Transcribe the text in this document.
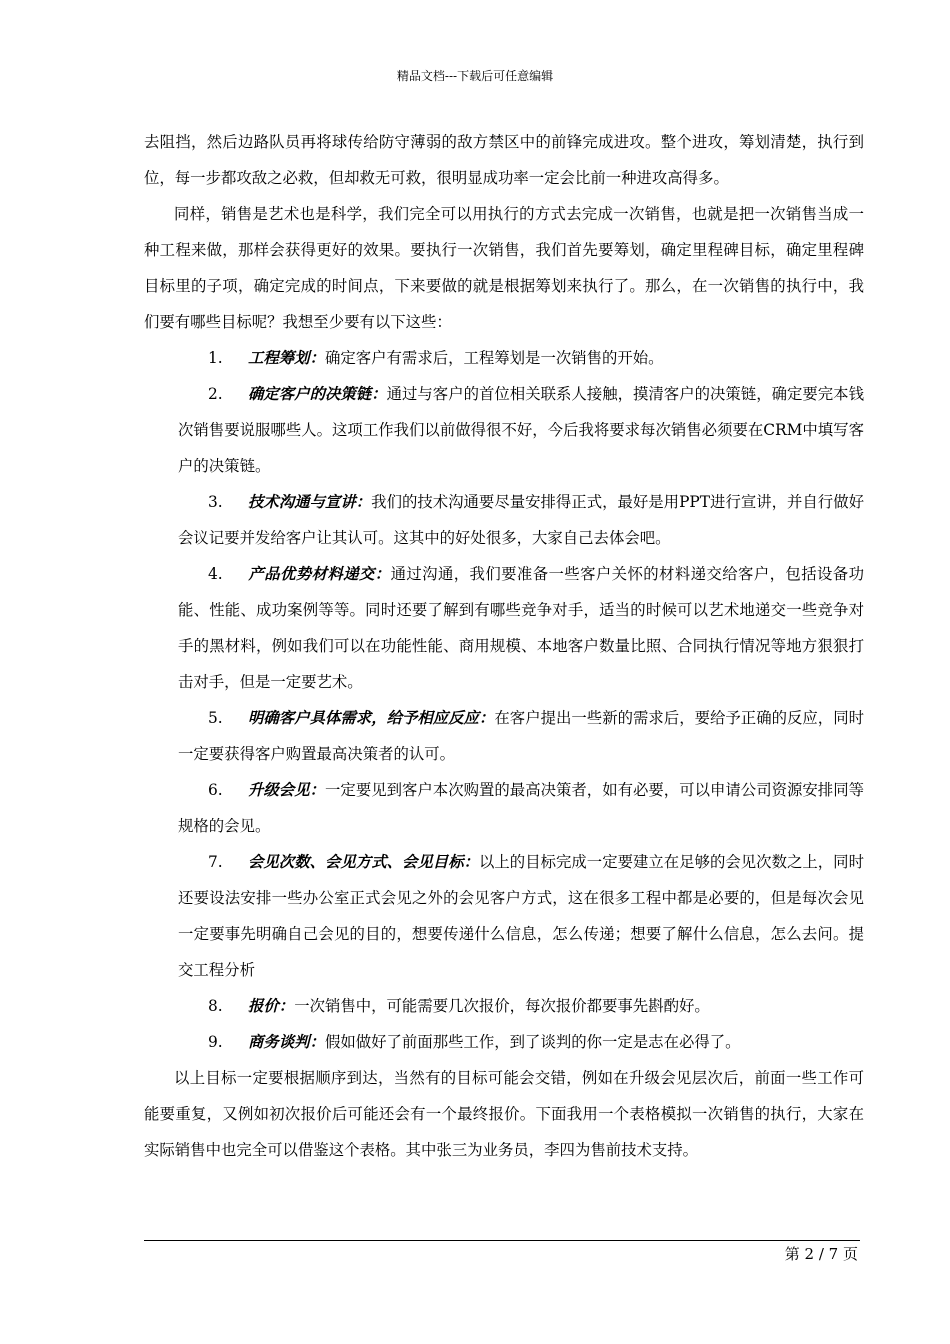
精品文档---下载后可任意编辑

去阻挡，然后边路队员再将球传给防守薄弱的敌方禁区中的前锋完成进攻。整个进攻，筹划清楚，执行到位，每一步都攻敌之必救，但却救无可救，很明显成功率一定会比前一种进攻高得多。

同样，销售是艺术也是科学，我们完全可以用执行的方式去完成一次销售，也就是把一次销售当成一种工程来做，那样会获得更好的效果。要执行一次销售，我们首先要筹划，确定里程碑目标，确定里程碑目标里的子项，确定完成的时间点，下来要做的就是根据筹划来执行了。那么，在一次销售的执行中，我们要有哪些目标呢？我想至少要有以下这些：

1. 工程筹划：确定客户有需求后，工程筹划是一次销售的开始。

2. 确定客户的决策链：通过与客户的首位相关联系人接触，摸清客户的决策链，确定要完本钱次销售要说服哪些人。这项工作我们以前做得很不好，今后我将要求每次销售必须要在CRM中填写客户的决策链。

3. 技术沟通与宣讲：我们的技术沟通要尽量安排得正式，最好是用PPT进行宣讲，并自行做好会议记要并发给客户让其认可。这其中的好处很多，大家自己去体会吧。

4. 产品优势材料递交：通过沟通，我们要准备一些客户关怀的材料递交给客户，包括设备功能、性能、成功案例等等。同时还要了解到有哪些竞争对手，适当的时候可以艺术地递交一些竞争对手的黑材料，例如我们可以在功能性能、商用规模、本地客户数量比照、合同执行情况等地方狠狠打击对手，但是一定要艺术。

5. 明确客户具体需求，给予相应反应：在客户提出一些新的需求后，要给予正确的反应，同时一定要获得客户购置最高决策者的认可。

6. 升级会见：一定要见到客户本次购置的最高决策者，如有必要，可以申请公司资源安排同等规格的会见。

7. 会见次数、会见方式、会见目标：以上的目标完成一定要建立在足够的会见次数之上，同时还要设法安排一些办公室正式会见之外的会见客户方式，这在很多工程中都是必要的，但是每次会见一定要事先明确自己会见的目的，想要传递什么信息，怎么传递；想要了解什么信息，怎么去问。提交工程分析

8. 报价：一次销售中，可能需要几次报价，每次报价都要事先斟酌好。

9. 商务谈判：假如做好了前面那些工作，到了谈判的你一定是志在必得了。

以上目标一定要根据顺序到达，当然有的目标可能会交错，例如在升级会见层次后，前面一些工作可能要重复，又例如初次报价后可能还会有一个最终报价。下面我用一个表格模拟一次销售的执行，大家在实际销售中也完全可以借鉴这个表格。其中张三为业务员，李四为售前技术支持。

第 2 / 7 页
